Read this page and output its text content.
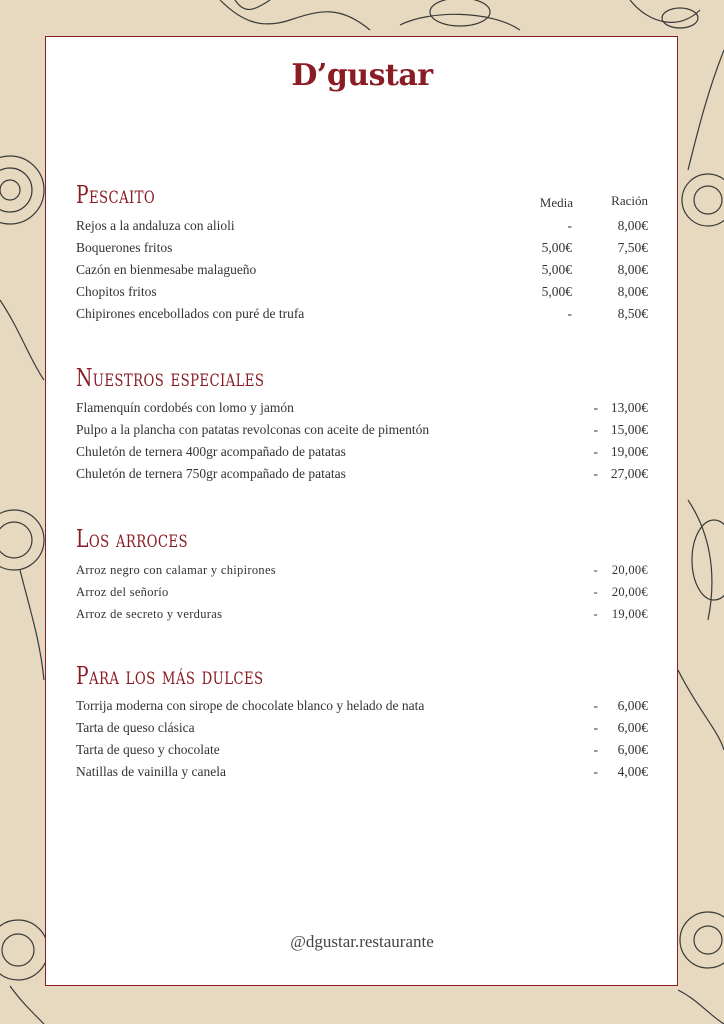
D’gustar
Pescaito	Media	Ración
Rejos a la andaluza con alioli	-	8,00€
Boquerones fritos	5,00€	7,50€
Cazón en bienmesabe malagueño	5,00€	8,00€
Chopitos fritos	5,00€	8,00€
Chipirones encebollados con puré de trufa	-	8,50€
Nuestros especiales
Flamenquín cordobés con lomo y jamón	- 13,00€
Pulpo a la plancha con patatas revolconas con aceite de pimentón	- 15,00€
Chuletón de ternera 400gr acompañado de patatas	- 19,00€
Chuletón de ternera 750gr acompañado de patatas	- 27,00€
Los arroces
Arroz negro con calamar y chipirones	- 20,00€
Arroz del señorío	- 20,00€
Arroz de secreto y verduras	- 19,00€
Para los más dulces
Torrija moderna con sirope de chocolate blanco y helado de nata	- 6,00€
Tarta de queso clásica	- 6,00€
Tarta de queso y chocolate	- 6,00€
Natillas de vainilla y canela	- 4,00€
@dgustar.restaurante
